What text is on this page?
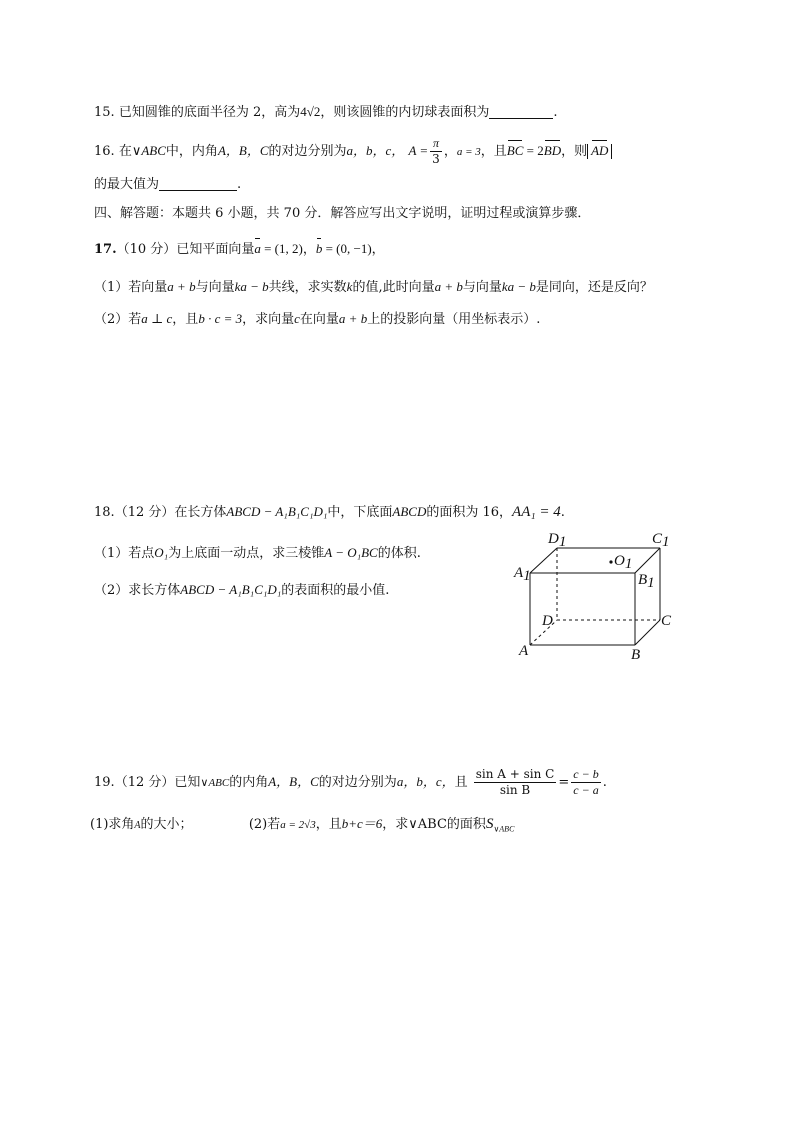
15. 已知圆锥的底面半径为 2，高为4√2，则该圆锥的内切球表面积为	.
16. 在∨ABC中，内角A，B，C的对边分别为a，b，c， $A = \frac{\pi}{3}$ ，a = 3，且BC = 2BD，则 AD
的最大值为	.
四、解答题：本题共 6 小题，共 70 分．解答应写出文字说明，证明过程或演算步骤．
17.（10 分）已知平面向量a = (1, 2)，b = (0, −1)，
（1）若向量a + b与向量ka − b共线，求实数k的值,此时向量a + b与向量ka − b是同向，还是反向？
（2）若a ⊥ c，且b · c = 3，求向量c在向量a + b上的投影向量（用坐标表示）.
18.（12 分）在长方体ABCD − A₁B₁C₁D₁中，下底面ABCD的面积为 16，AA₁ = 4.
（1）若点O₁为上底面一动点，求三棱锥A − O₁BC的体积.
（2）求长方体ABCD − A₁B₁C₁D₁的表面积的最小值.
D1	C1
O1
A1	B1
D	C
A	B
19.（12 分）已知∨ABC的内角A，B，C的对边分别为a，b，c，且 $\frac{\text{sin A + sin C}}{\text{sin B}} = \frac{c - b}{c - a}$ .
(1)求角A的大小；	(2)若a = 2√3，且b+c＝6，求∨ABC的面积$S_{\vee ABC}$
